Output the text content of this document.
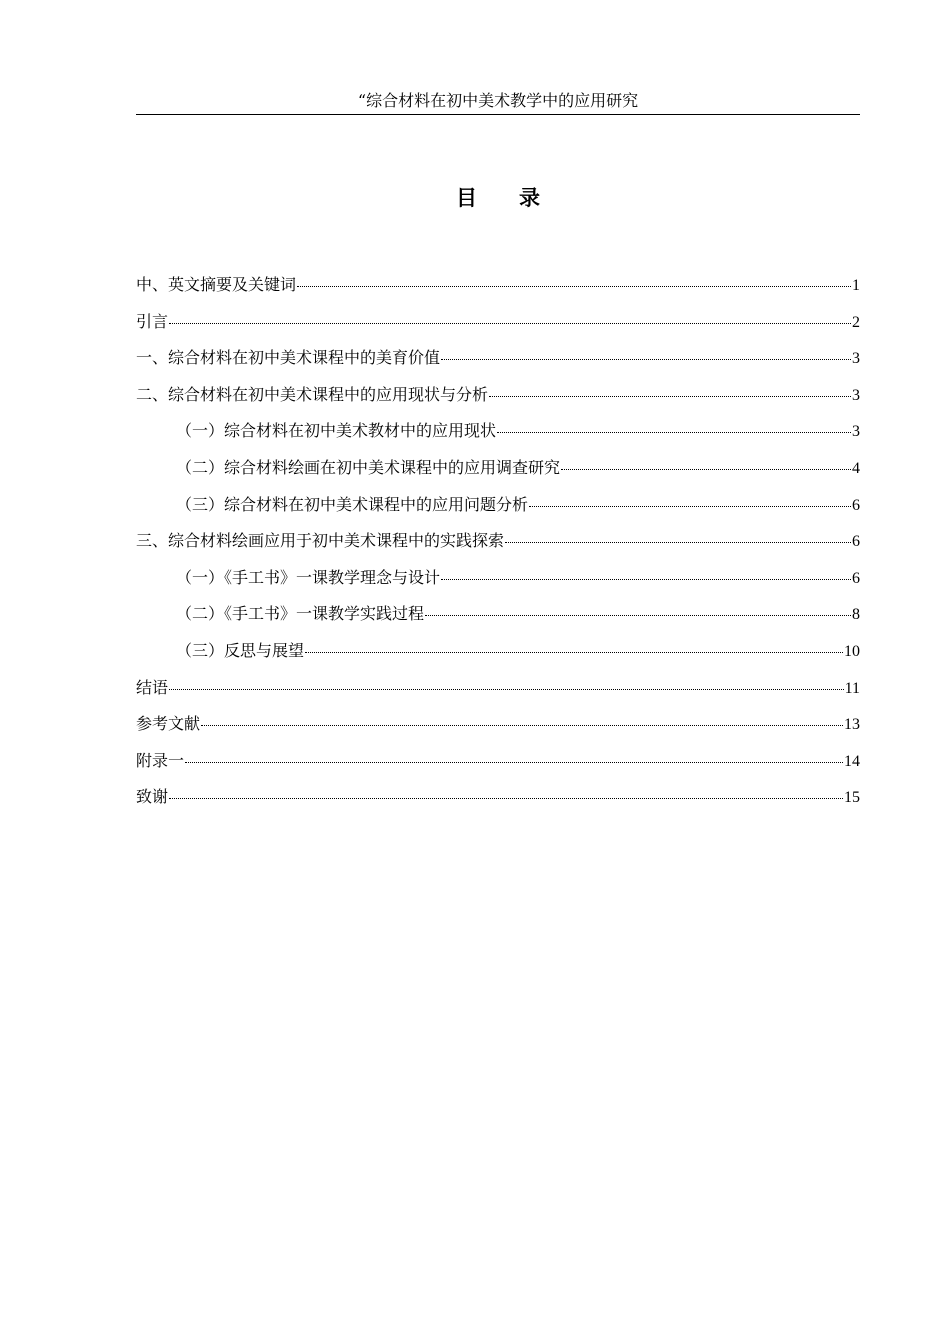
“综合材料在初中美术教学中的应用研究
目　　录
中、英文摘要及关键词	1
引言	2
一、综合材料在初中美术课程中的美育价值	3
二、综合材料在初中美术课程中的应用现状与分析	3
（一）综合材料在初中美术教材中的应用现状	3
（二）综合材料绘画在初中美术课程中的应用调查研究	4
（三）综合材料在初中美术课程中的应用问题分析	6
三、综合材料绘画应用于初中美术课程中的实践探索	6
（一）《手工书》一课教学理念与设计	6
（二）《手工书》一课教学实践过程	8
（三）反思与展望	10
结语	11
参考文献	13
附录一	14
致谢	15
